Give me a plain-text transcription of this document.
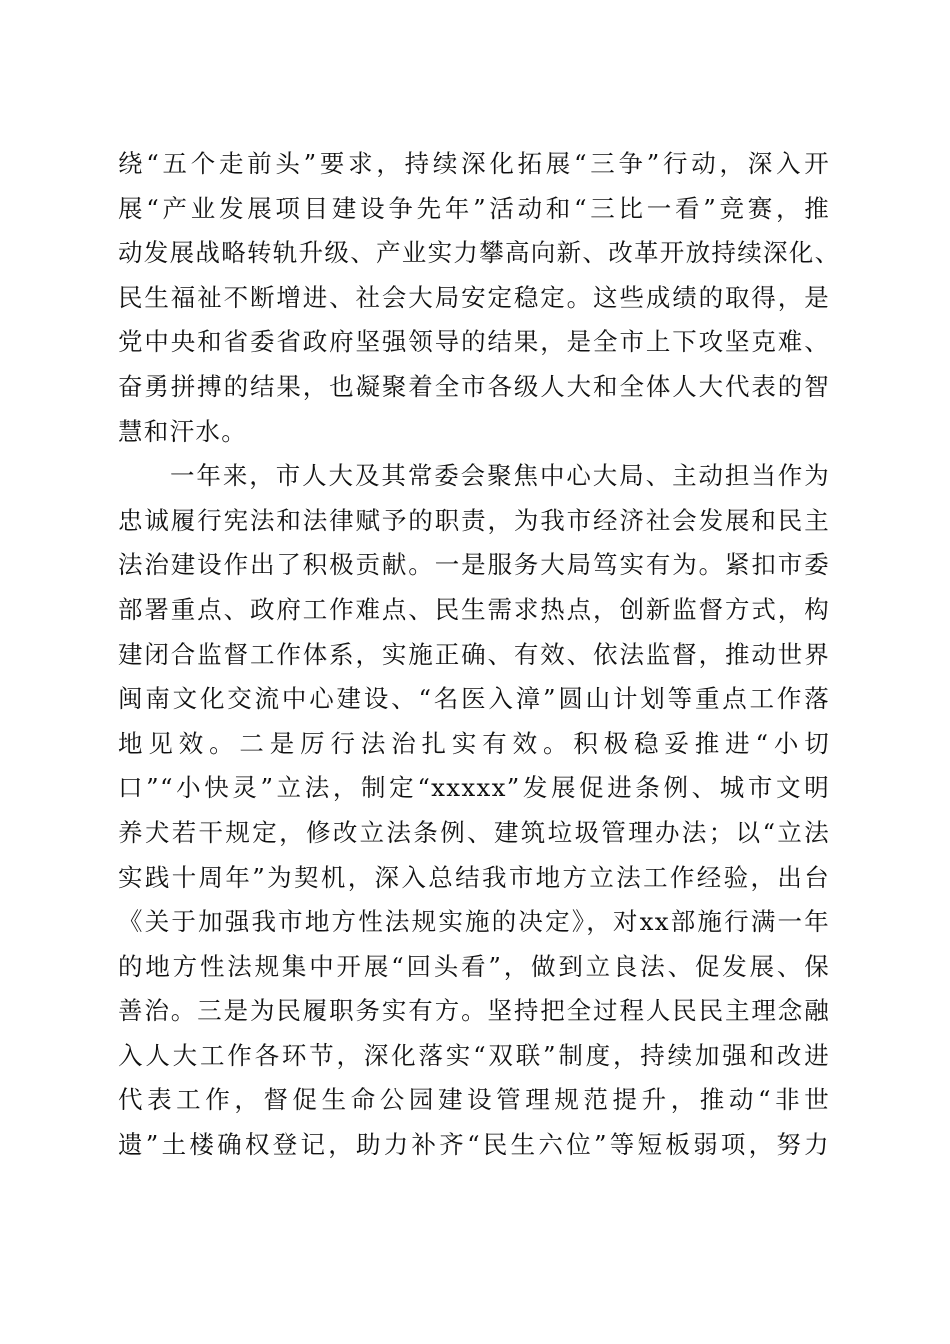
绕“五个走前头”要求，持续深化拓展“三争”行动，深入开
展“产业发展项目建设争先年”活动和“三比一看”竞赛，推
动发展战略转轨升级、产业实力攀高向新、改革开放持续深化、
民生福祉不断增进、社会大局安定稳定。这些成绩的取得，是
党中央和省委省政府坚强领导的结果，是全市上下攻坚克难、
奋勇拼搏的结果，也凝聚着全市各级人大和全体人大代表的智
慧和汗水。
一年来，市人大及其常委会聚焦中心大局、主动担当作为
忠诚履行宪法和法律赋予的职责，为我市经济社会发展和民主
法治建设作出了积极贡献。一是服务大局笃实有为。紧扣市委
部署重点、政府工作难点、民生需求热点，创新监督方式，构
建闭合监督工作体系，实施正确、有效、依法监督，推动世界
闽南文化交流中心建设、“名医入漳”圆山计划等重点工作落
地见效。二是厉行法治扎实有效。积极稳妥推进“小切
口”“小快灵”立法，制定“xxxxx”发展促进条例、城市文明
养犬若干规定，修改立法条例、建筑垃圾管理办法；以“立法
实践十周年”为契机，深入总结我市地方立法工作经验，出台
《关于加强我市地方性法规实施的决定》，对xx部施行满一年
的地方性法规集中开展“回头看”，做到立良法、促发展、保
善治。三是为民履职务实有方。坚持把全过程人民民主理念融
入人大工作各环节，深化落实“双联”制度，持续加强和改进
代表工作，督促生命公园建设管理规范提升，推动“非世
遗”土楼确权登记，助力补齐“民生六位”等短板弱项，努力
